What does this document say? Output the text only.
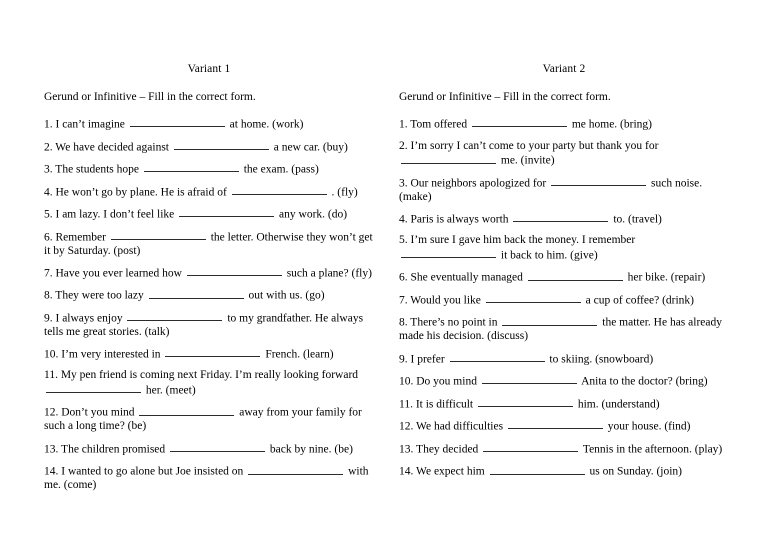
Variant 1
Gerund or Infinitive – Fill in the correct form.
1. I can’t imagine	at home. (work)
2. We have decided against	a new car. (buy)
3. The students hope	the exam. (pass)
4. He won’t go by plane. He is afraid of	. (fly)
5. I am lazy. I don’t feel like	any work. (do)
6. Remember	the letter. Otherwise they won’t get it by Saturday. (post)
7. Have you ever learned how	such a plane? (fly)
8. They were too lazy	out with us. (go)
9. I always enjoy	to my grandfather. He always tells me great stories. (talk)
10. I’m very interested in	French. (learn)
11. My pen friend is coming next Friday. I’m really looking forward
her. (meet)
12. Don’t you mind	away from your family for such a long time? (be)
13. The children promised	back by nine. (be)
14. I wanted to go alone but Joe insisted on	with me. (come)
Variant 2
Gerund or Infinitive – Fill in the correct form.
1. Tom offered	me home. (bring)
2. I’m sorry I can’t come to your party but thank you for
me. (invite)
3. Our neighbors apologized for	such noise. (make)
4. Paris is always worth	to. (travel)
5. I’m sure I gave him back the money. I remember
it back to him. (give)
6. She eventually managed	her bike. (repair)
7. Would you like	a cup of coffee? (drink)
8. There’s no point in	the matter. He has already made his decision. (discuss)
9. I prefer	to skiing. (snowboard)
10. Do you mind	Anita to the doctor? (bring)
11. It is difficult	him. (understand)
12. We had difficulties	your house. (find)
13. They decided	Tennis in the afternoon. (play)
14. We expect him	us on Sunday. (join)
